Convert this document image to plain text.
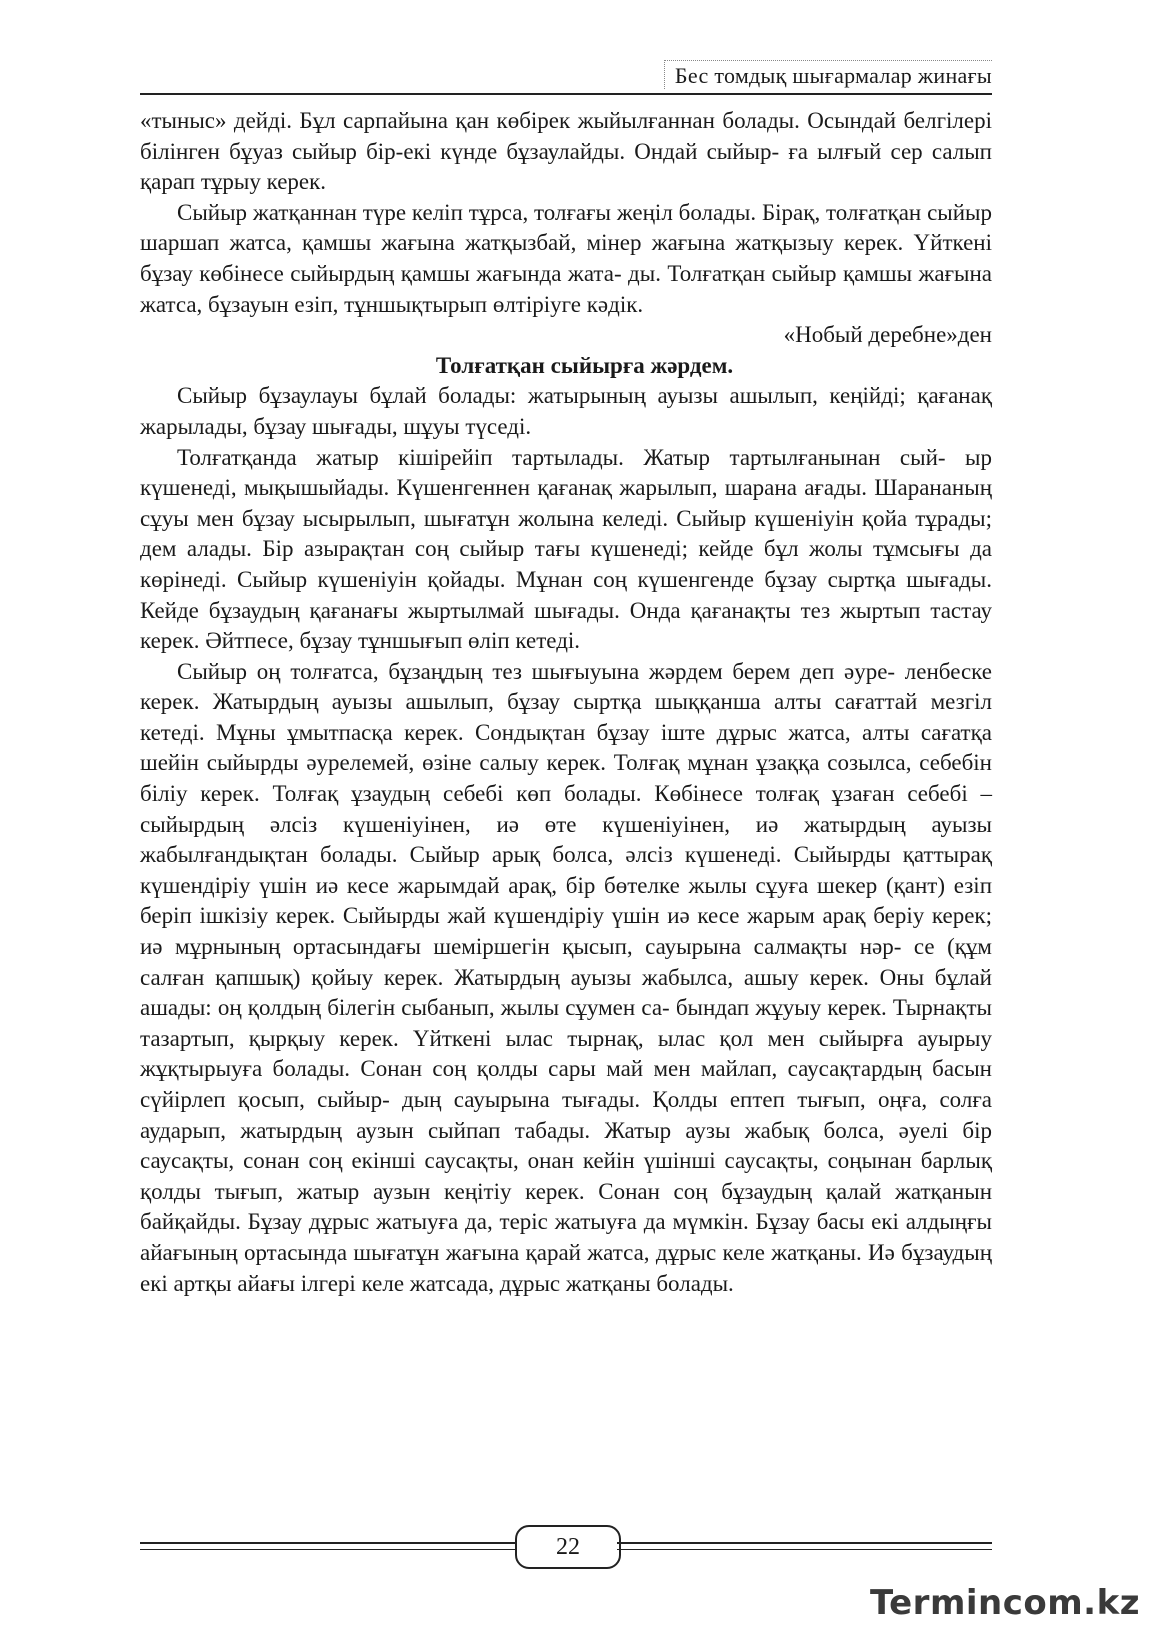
Бес томдық шығармалар жинағы

«тыныс» дейді. Бұл сарпайына қан көбірек жыйылғаннан болады. Осындай белгілері білінген бұуаз сыйыр бір-екі күнде бұзаулайды. Ондай сыйыр- ға ылғый сер салып қарап тұрыу керек.

Сыйыр жатқаннан түре келіп тұрса, толғағы жеңіл болады. Бірақ, толғатқан сыйыр шаршап жатса, қамшы жағына жатқызбай, мінер жағына жатқызыу керек. Үйткені бұзау көбінесе сыйырдың қамшы жағында жата- ды. Толғатқан сыйыр қамшы жағына жатса, бұзауын езіп, тұншықтырып өлтіріуге кәдік.

«Нобый деребне»ден

Толғатқан сыйырға жәрдем.

Сыйыр бұзаулауы бұлай болады: жатырының ауызы ашылып, кеңійді; қағанақ жарылады, бұзау шығады, шұуы түседі.

Толғатқанда жатыр кішірейіп тартылады. Жатыр тартылғанынан сый- ыр күшенеді, мықышыйады. Күшенгеннен қағанақ жарылып, шарана ағады. Шарананың сұуы мен бұзау ысырылып, шығатұн жолына келеді. Сыйыр күшеніуін қойа тұрады; дем алады. Бір азырақтан соң сыйыр тағы күшенеді; кейде бұл жолы тұмсығы да көрінеді. Сыйыр күшеніуін қойады. Мұнан соң күшенгенде бұзау сыртқа шығады. Кейде бұзаудың қағанағы жыртылмай шығады. Онда қағанақты тез жыртып тастау керек. Әйтпесе, бұзау тұншығып өліп кетеді.

Сыйыр оң толғатса, бұзаңдың тез шығыуына жәрдем берем деп әуре- ленбеске керек. Жатырдың ауызы ашылып, бұзау сыртқа шыққанша алты сағаттай мезгіл кетеді. Мұны ұмытпасқа керек. Сондықтан бұзау іште дұрыс жатса, алты сағатқа шейін сыйырды әурелемей, өзіне салыу керек. Толғақ мұнан ұзаққа созылса, себебін біліу керек. Толғақ ұзаудың себебі көп болады. Көбінесе толғақ ұзаған себебі – сыйырдың әлсіз күшеніуінен, иә өте күшеніуінен, иә жатырдың ауызы жабылғандықтан болады. Сыйыр арық болса, әлсіз күшенеді. Сыйырды қаттырақ күшендіріу үшін иә кесе жарымдай арақ, бір бөтелке жылы сұуға шекер (қант) езіп беріп ішкізіу керек. Сыйырды жай күшендіріу үшін иә кесе жарым арақ беріу керек; иә мұрнының ортасындағы шеміршегін қысып, сауырына салмақты нәр- се (құм салған қапшық) қойыу керек. Жатырдың ауызы жабылса, ашыу керек. Оны бұлай ашады: оң қолдың білегін сыбанып, жылы сұумен са- бындап жұуыу керек. Тырнақты тазартып, қырқыу керек. Үйткені ылас тырнақ, ылас қол мен сыйырға ауырыу жұқтырыуға болады. Сонан соң қолды сары май мен майлап, саусақтардың басын сүйірлеп қосып, сыйыр- дың сауырына тығады. Қолды ептеп тығып, оңға, солға аударып, жатырдың аузын сыйпап табады. Жатыр аузы жабық болса, әуелі бір саусақты, сонан соң екінші саусақты, онан кейін үшінші саусақты, соңынан барлық қолды тығып, жатыр аузын кеңітіу керек. Сонан соң бұзаудың қалай жатқанын байқайды. Бұзау дұрыс жатыуға да, теріс жатыуға да мүмкін. Бұзау басы екі алдыңғы айағының ортасында шығатұн жағына қарай жатса, дұрыс келе жатқаны. Иә бұзаудың екі артқы айағы ілгері келе жатсада, дұрыс жатқаны болады.

22
Termincom.kz
